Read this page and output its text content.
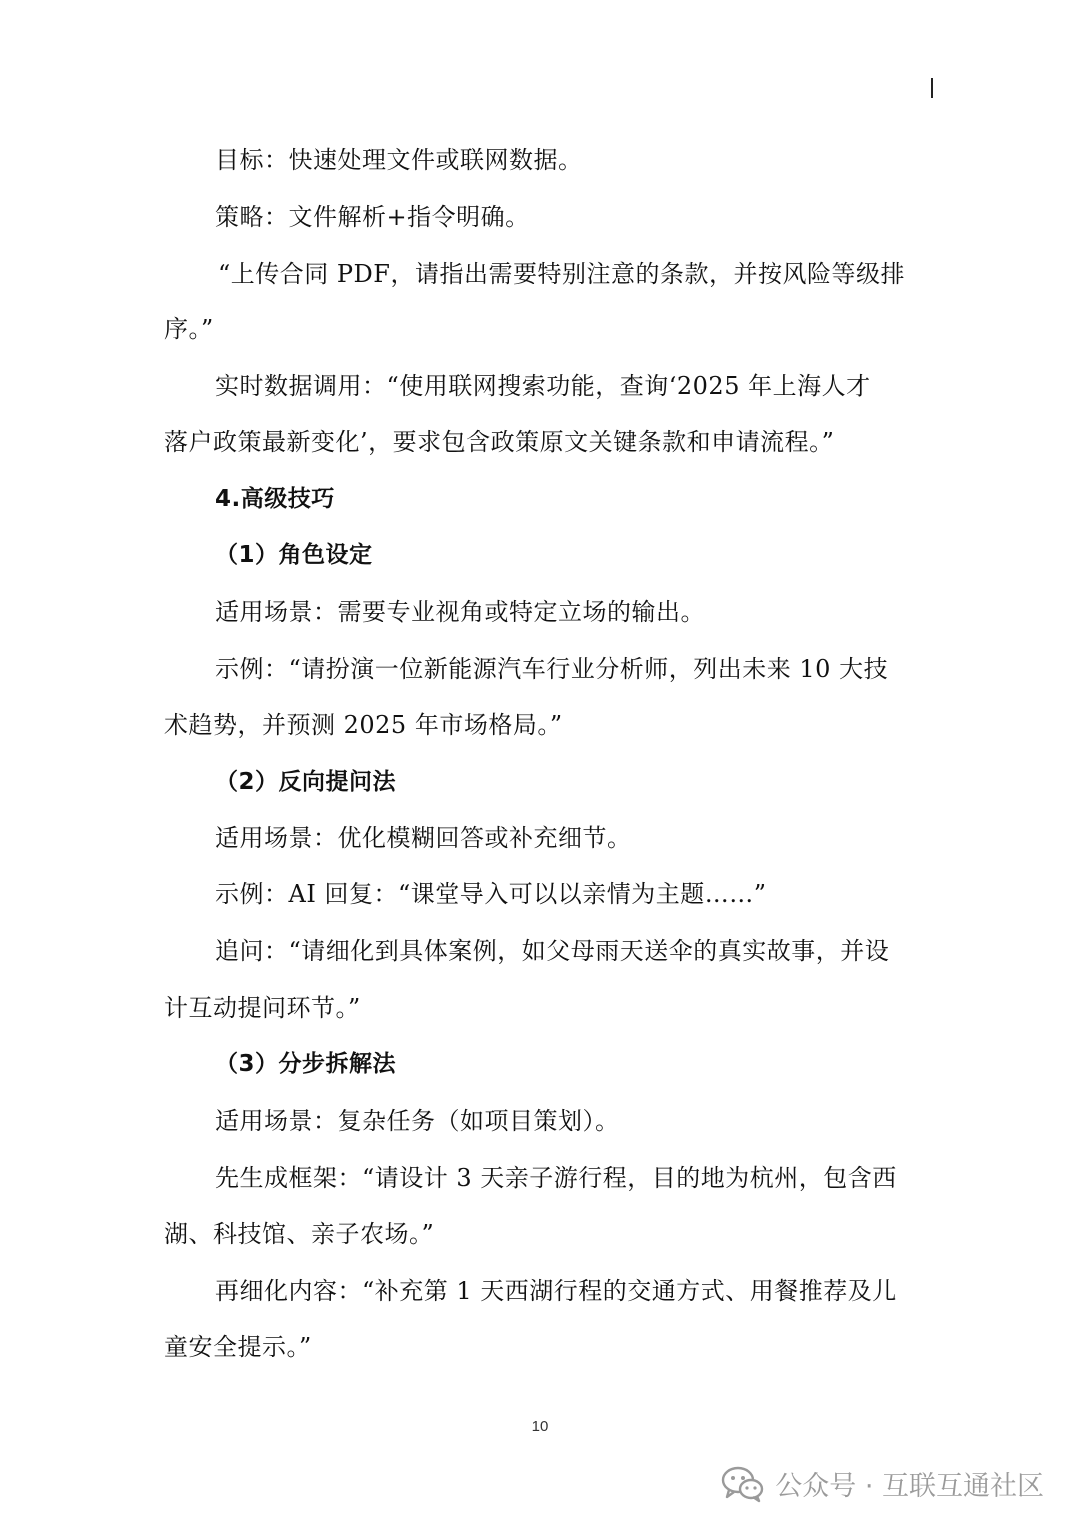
目标：快速处理文件或联网数据。
策略：文件解析+指令明确。
“上传合同 PDF，请指出需要特别注意的条款，并按风险等级排
序。”
实时数据调用：“使用联网搜索功能，查询‘2025 年上海人才
落户政策最新变化’，要求包含政策原文关键条款和申请流程。”
4.高级技巧
（1）角色设定
适用场景：需要专业视角或特定立场的输出。
示例：“请扮演一位新能源汽车行业分析师，列出未来 10 大技
术趋势，并预测 2025 年市场格局。”
（2）反向提问法
适用场景：优化模糊回答或补充细节。
示例：AI 回复：“课堂导入可以以亲情为主题……”
追问：“请细化到具体案例，如父母雨天送伞的真实故事，并设
计互动提问环节。”
（3）分步拆解法
适用场景：复杂任务（如项目策划）。
先生成框架：“请设计 3 天亲子游行程，目的地为杭州，包含西
湖、科技馆、亲子农场。”
再细化内容：“补充第 1 天西湖行程的交通方式、用餐推荐及儿
童安全提示。”
10
公众号 · 互联互通社区
